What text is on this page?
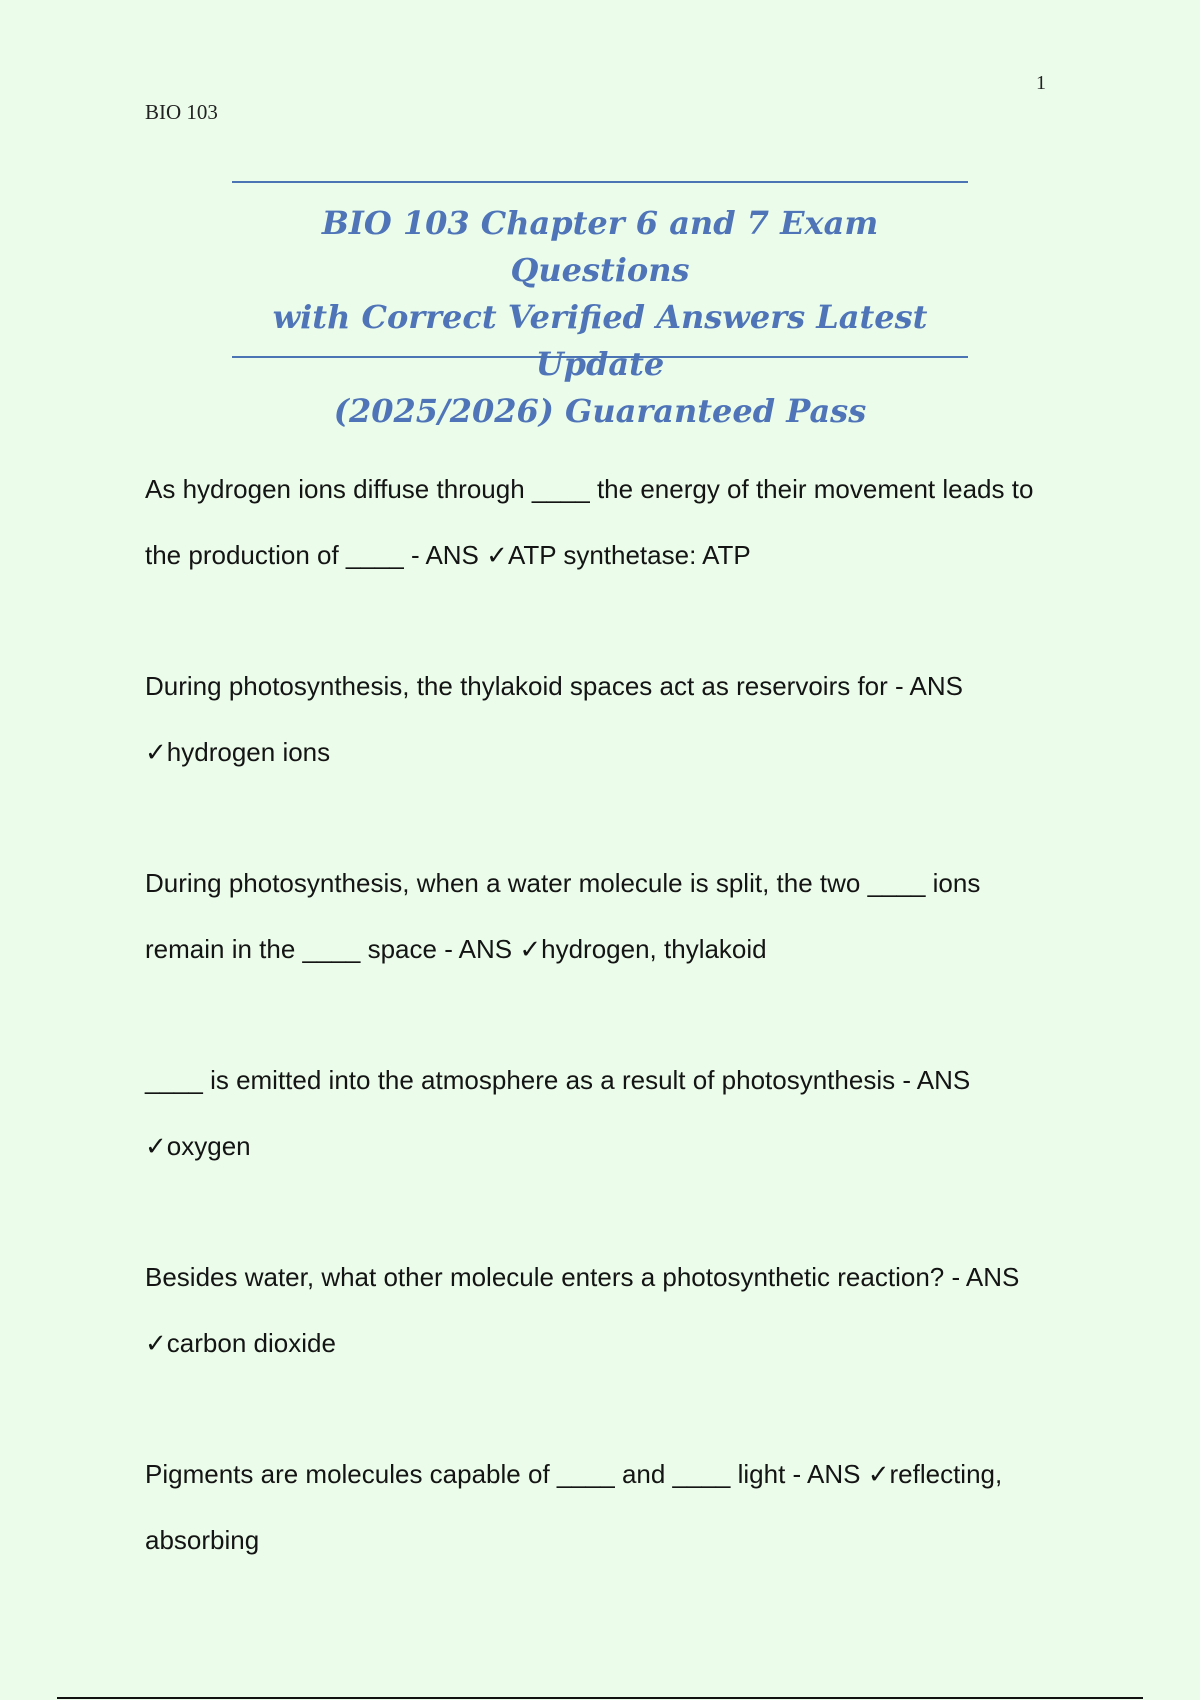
1
BIO 103
BIO 103 Chapter 6 and 7 Exam Questions
with Correct Verified Answers Latest Update
(2025/2026) Guaranteed Pass

As hydrogen ions diffuse through ____ the energy of their movement leads to the production of ____ - ANS ✓ATP synthetase: ATP

During photosynthesis, the thylakoid spaces act as reservoirs for - ANS ✓hydrogen ions

During photosynthesis, when a water molecule is split, the two ____ ions remain in the ____ space - ANS ✓hydrogen, thylakoid

____ is emitted into the atmosphere as a result of photosynthesis - ANS ✓oxygen

Besides water, what other molecule enters a photosynthetic reaction? - ANS ✓carbon dioxide

Pigments are molecules capable of ____ and ____ light - ANS ✓reflecting, absorbing
